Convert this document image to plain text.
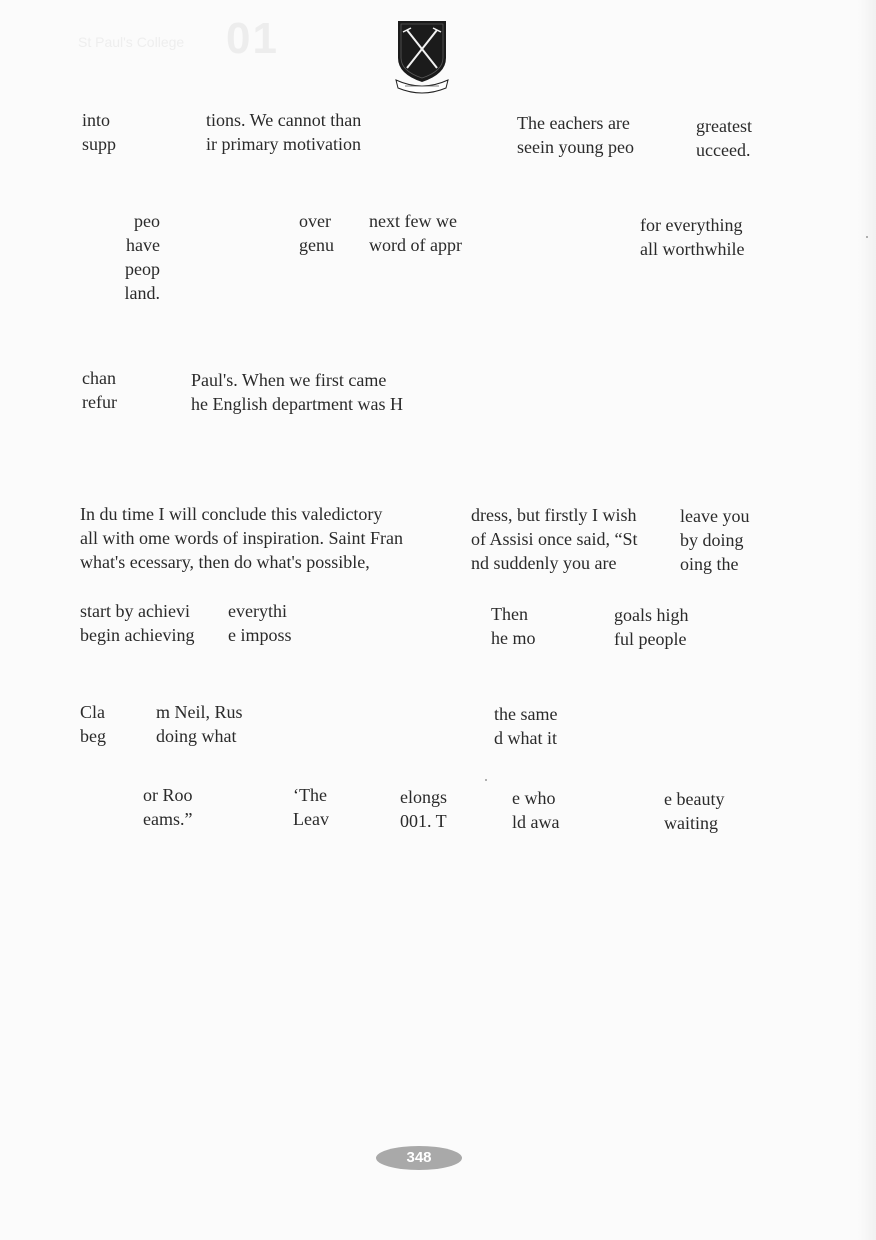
St Paul's College 01
into
supp
tions. We cannot than
ir primary motivation
The eachers are
seein young peo
greatest
ucceed.
peo
have
peop
land.
over
genu
next few we
word of appr
for everything
all worthwhile
chan
refur
Paul's. When we first came
he English department was H
In du time I will conclude this valedictory
all with ome words of inspiration. Saint Fran
what's ecessary, then do what's possible,
dress, but firstly I wish
of Assisi once said, “St
nd suddenly you are
leave you
by doing
oing the
start by achievi
begin achieving
everythi
e imposs
Then
he mo
goals high
ful people
Cla
beg
m Neil, Rus
doing what
the same
d what it
or Roo
eams.”
‘The
Leav
elongs
001. T
e who
ld awa
e beauty
waiting
348
